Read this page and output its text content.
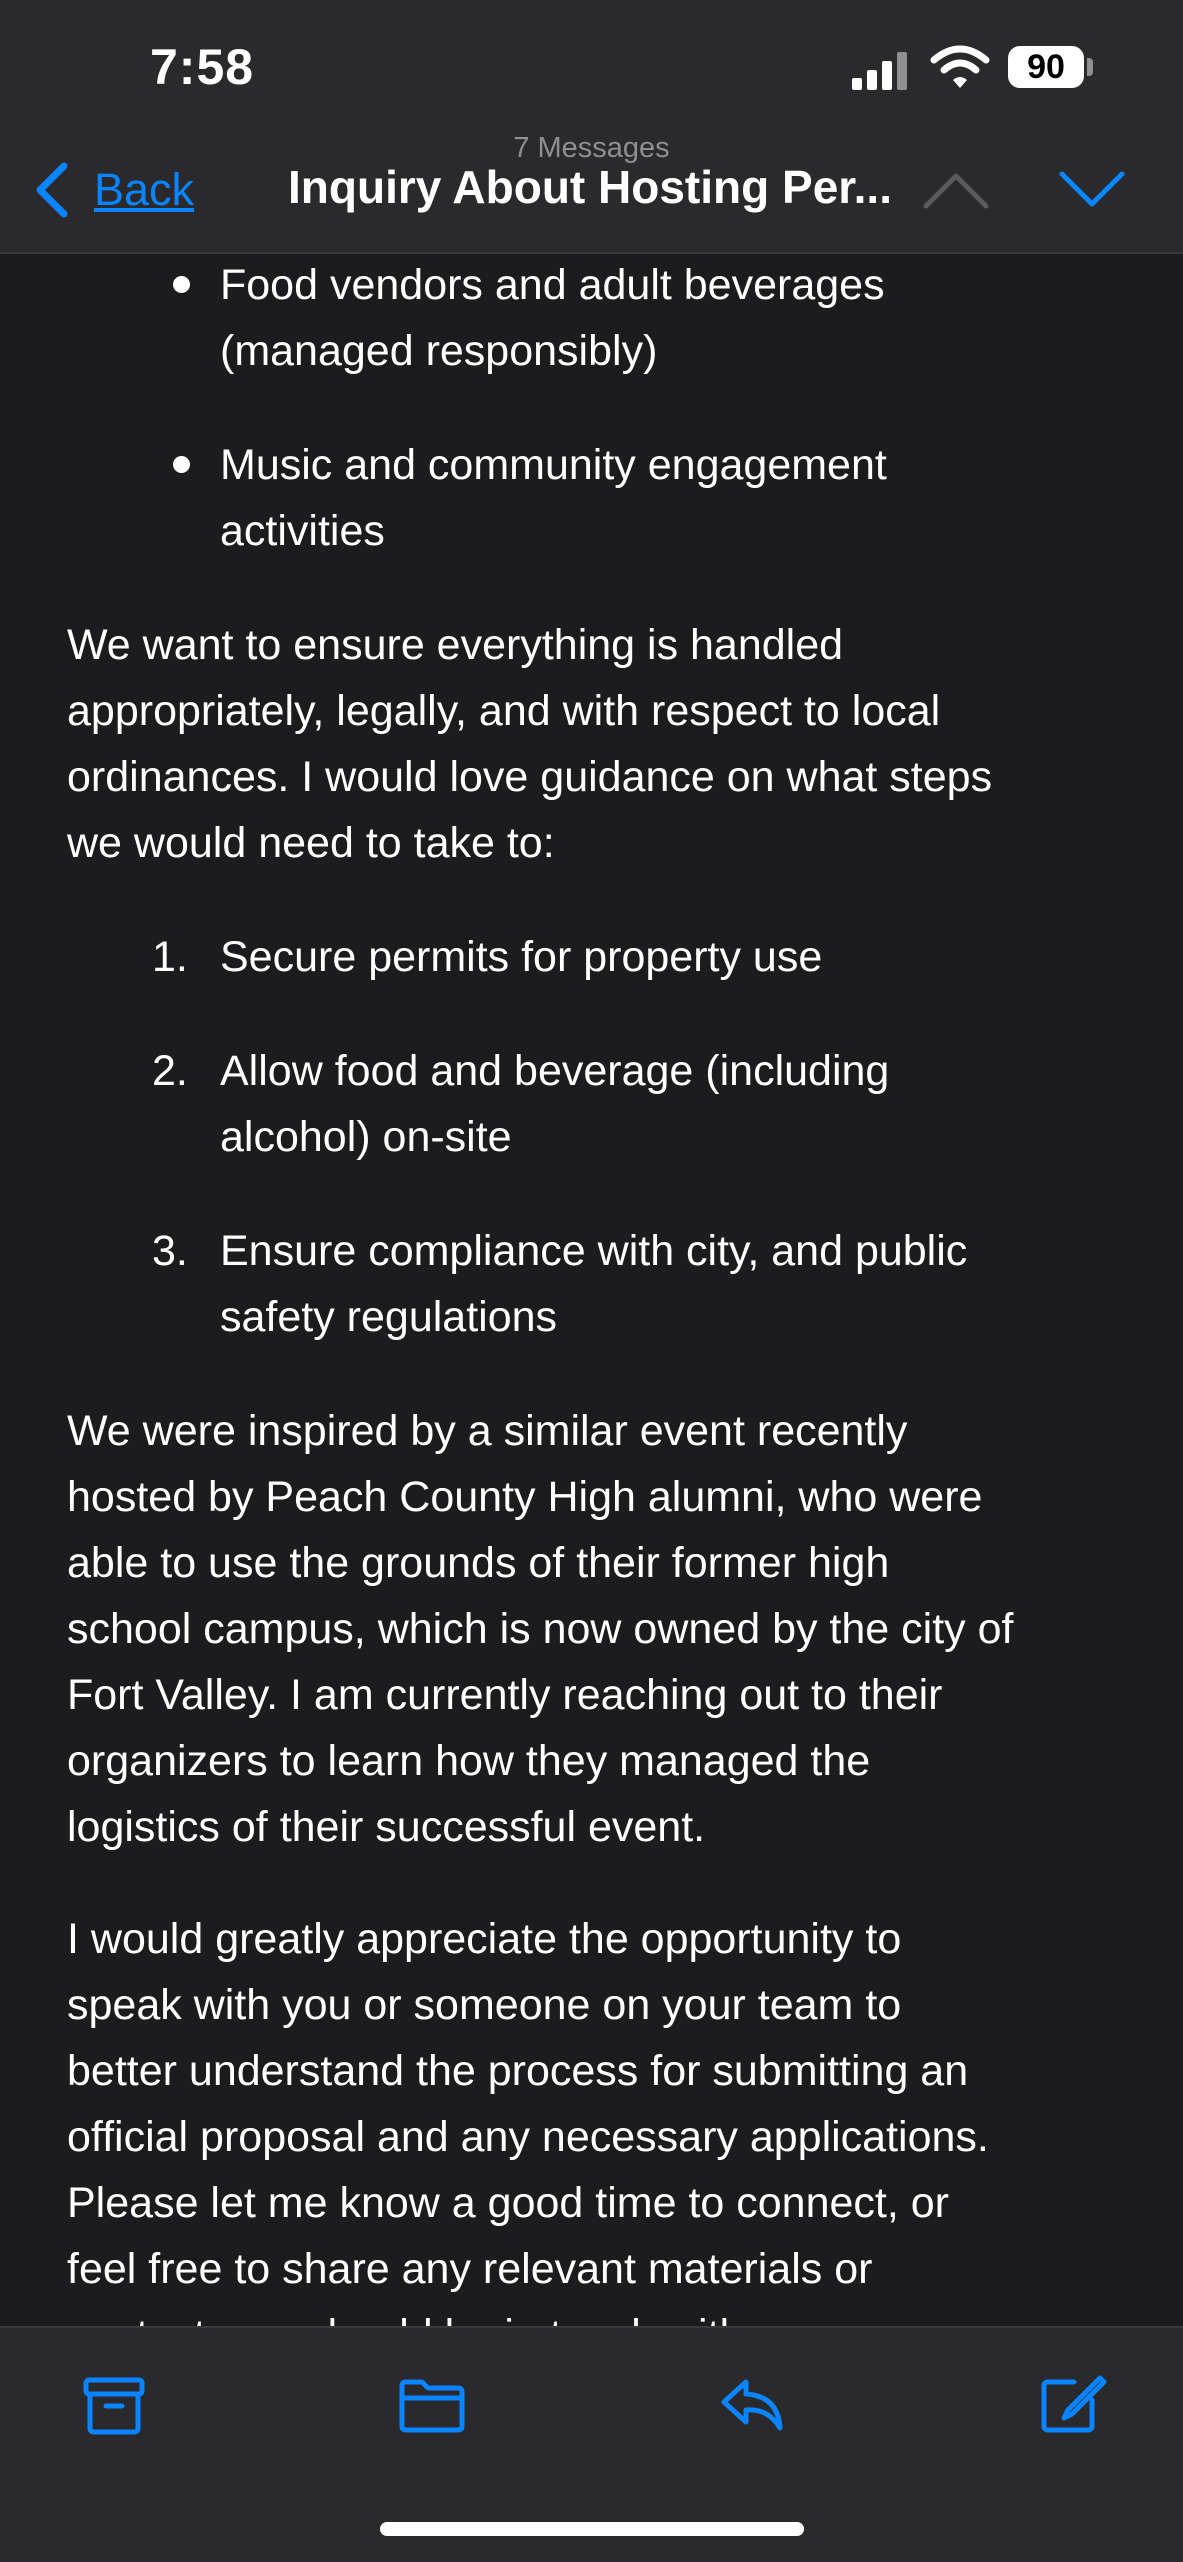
7:58	90
7 Messages
Back Inquiry About Hosting Per...
Food vendors and adult beverages
(managed responsibly)
Music and community engagement
activities
We want to ensure everything is handled
appropriately, legally, and with respect to local
ordinances. I would love guidance on what steps
we would need to take to:
1. Secure permits for property use
2. Allow food and beverage (including
alcohol) on-site
3. Ensure compliance with city, and public
safety regulations
We were inspired by a similar event recently
hosted by Peach County High alumni, who were
able to use the grounds of their former high
school campus, which is now owned by the city of
Fort Valley. I am currently reaching out to their
organizers to learn how they managed the
logistics of their successful event.
I would greatly appreciate the opportunity to
speak with you or someone on your team to
better understand the process for submitting an
official proposal and any necessary applications.
Please let me know a good time to connect, or
feel free to share any relevant materials or
